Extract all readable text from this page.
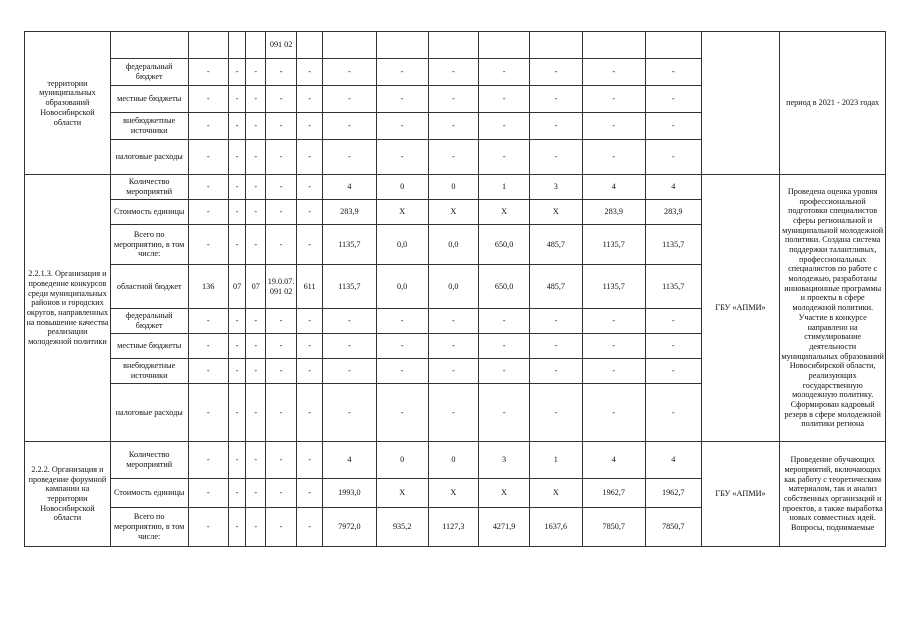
территории муниципальных образований Новосибирской области					091 02										период в 2021 - 2023 годах
	федеральный бюджет	-	-	-	-	-	-	-	-	-	-	-	-		
	местные бюджеты	-	-	-	-	-	-	-	-	-	-	-	-		
	внебюджетные источники	-	-	-	-	-	-	-	-	-	-	-	-		
	налоговые расходы	-	-	-	-	-	-	-	-	-	-	-	-		
2.2.1.3. Организация и проведение конкурсов среди муниципальных районов и городских округов, направленных на повышение качества реализации молодежной политики	Количество мероприятий	-	-	-	-	-	4	0	0	1	3	4	4	ГБУ «АПМИ»	Проведена оценка уровня профессиональной подготовки специалистов сферы региональной и муниципальной молодежной политики. Создана система поддержки талантливых, профессиональных специалистов по работе с молодежью, разработаны инновационные программы и проекты в сфере молодежной политики. Участие в конкурсе направлено на стимулирование деятельности муниципальных образований Новосибирской области, реализующих государственную молодежную политику. Сформирован кадровый резерв в сфере молодежной политики региона
	Стоимость единицы	-	-	-	-	-	283,9	X	X	X	X	283,9	283,9		
	Всего по мероприятию, в том числе:	-	-	-	-	-	1135,7	0,0	0,0	650,0	485,7	1135,7	1135,7		
	областной бюджет	136	07	07	19.0.07. 091 02	611	1135,7	0,0	0,0	650,0	485,7	1135,7	1135,7		
	федеральный бюджет	-	-	-	-	-	-	-	-	-	-	-	-		
	местные бюджеты	-	-	-	-	-	-	-	-	-	-	-	-		
	внебюджетные источники	-	-	-	-	-	-	-	-	-	-	-	-		
	налоговые расходы	-	-	-	-	-	-	-	-	-	-	-	-		
2.2.2. Организация и проведение форумной кампании на территории Новосибирской области	Количество мероприятий	-	-	-	-	-	4	0	0	3	1	4	4	ГБУ «АПМИ»	Проведение обучающих мероприятий, включающих как работу с теоретическим материалом, так и анализ собственных организаций и проектов, а также выработка новых совместных идей. Вопросы, поднимаемые
	Стоимость единицы	-	-	-	-	-	1993,0	X	X	X	X	1962,7	1962,7		
	Всего по мероприятию, в том числе:	-	-	-	-	-	7972,0	935,2	1127,3	4271,9	1637,6	7850,7	7850,7		
